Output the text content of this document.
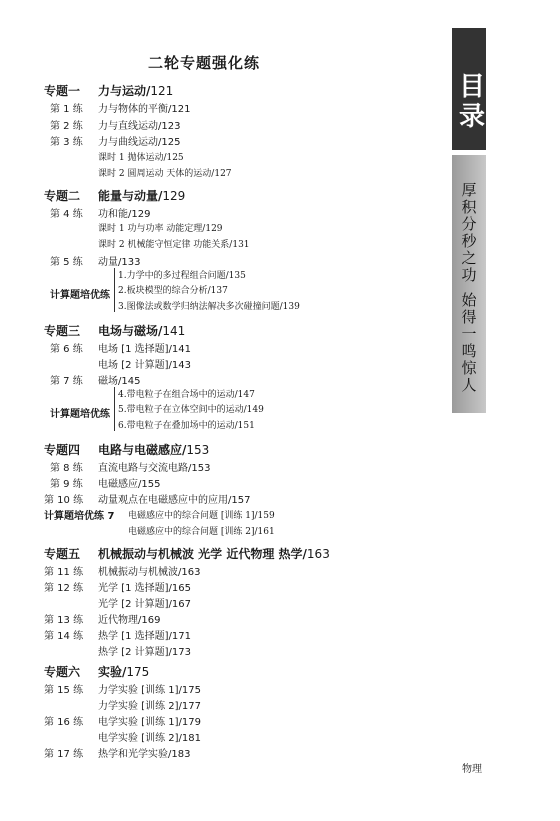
二轮专题强化练
目录
厚积分秒之功
始得一鸣惊人
物理
专题一 力与运动/121
第 1 练 力与物体的平衡/121
第 2 练 力与直线运动/123
第 3 练 力与曲线运动/125
课时 1 抛体运动/125
课时 2 圆周运动 天体的运动/127
专题二 能量与动量/129
第 4 练 功和能/129
课时 1 功与功率 动能定理/129
课时 2 机械能守恒定律 功能关系/131
第 5 练 动量/133
计算题培优练
1.力学中的多过程组合问题/135
2.板块模型的综合分析/137
3.图像法或数学归纳法解决多次碰撞问题/139
专题三 电场与磁场/141
第 6 练 电场 [1 选择题]/141
电场 [2 计算题]/143
第 7 练 磁场/145
计算题培优练
4.带电粒子在组合场中的运动/147
5.带电粒子在立体空间中的运动/149
6.带电粒子在叠加场中的运动/151
专题四 电路与电磁感应/153
第 8 练 直流电路与交流电路/153
第 9 练 电磁感应/155
第 10 练 动量观点在电磁感应中的应用/157
计算题培优练 7 电磁感应中的综合问题 [训练 1]/159
电磁感应中的综合问题 [训练 2]/161
专题五 机械振动与机械波 光学 近代物理 热学/163
第 11 练 机械振动与机械波/163
第 12 练 光学 [1 选择题]/165
光学 [2 计算题]/167
第 13 练 近代物理/169
第 14 练 热学 [1 选择题]/171
热学 [2 计算题]/173
专题六 实验/175
第 15 练 力学实验 [训练 1]/175
力学实验 [训练 2]/177
第 16 练 电学实验 [训练 1]/179
电学实验 [训练 2]/181
第 17 练 热学和光学实验/183
